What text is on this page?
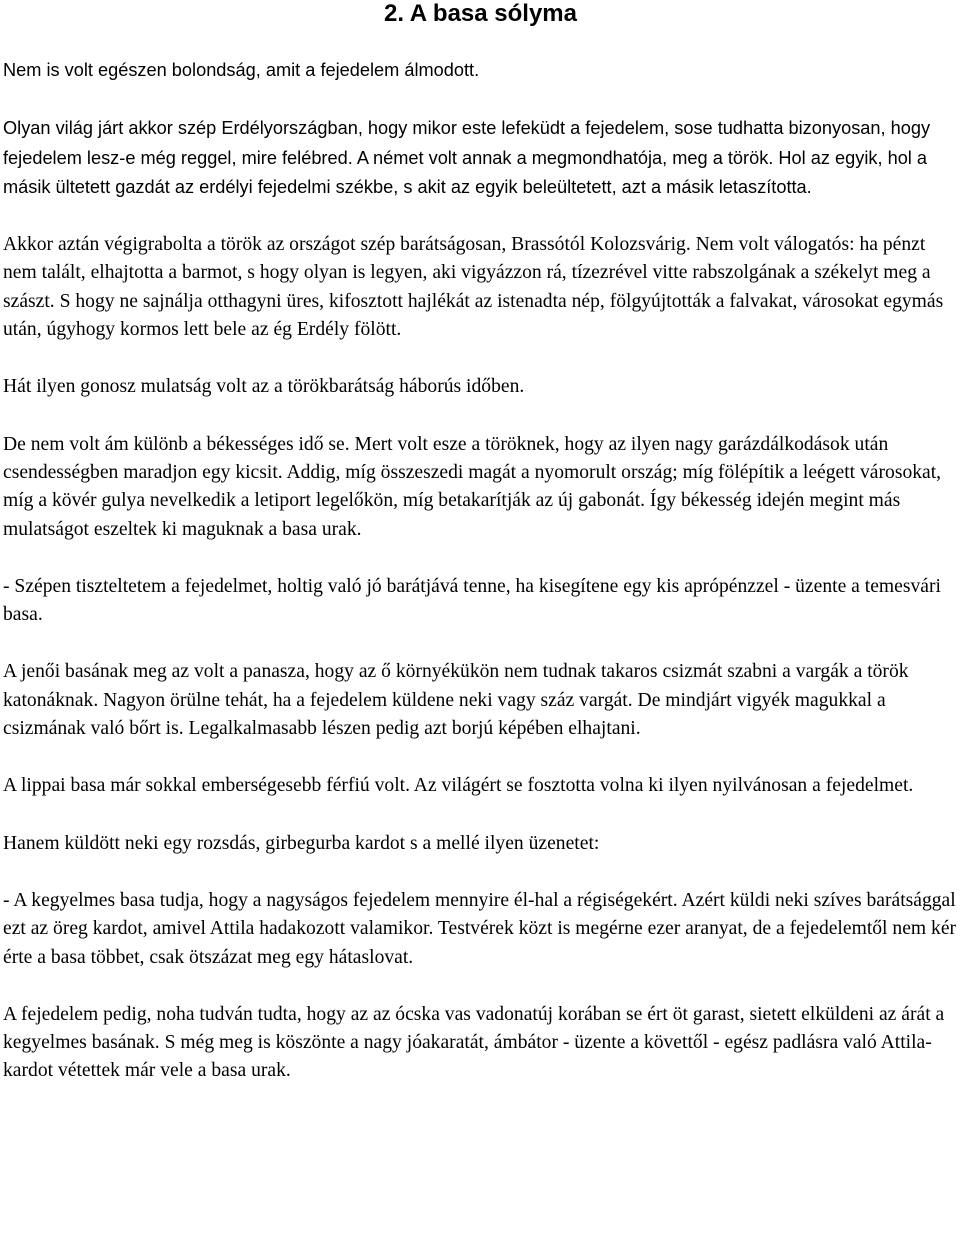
2. A basa sólyma

Nem is volt egészen bolondság, amit a fejedelem álmodott.

Olyan világ járt akkor szép Erdélyországban, hogy mikor este lefeküdt a fejedelem, sose tudhatta bizonyosan, hogy fejedelem lesz-e még reggel, mire felébred. A német volt annak a megmondhatója, meg a török. Hol az egyik, hol a másik ültetett gazdát az erdélyi fejedelmi székbe, s akit az egyik beleültetett, azt a másik letaszította.

Akkor aztán végigrabolta a török az országot szép barátságosan, Brassótól Kolozsvárig. Nem volt válogatós: ha pénzt nem talált, elhajtotta a barmot, s hogy olyan is legyen, aki vigyázzon rá, tízezrével vitte rabszolgának a székelyt meg a szászt. S hogy ne sajnálja otthagyni üres, kifosztott hajlékát az istenadta nép, fölgyújtották a falvakat, városokat egymás után, úgyhogy kormos lett bele az ég Erdély fölött.

Hát ilyen gonosz mulatság volt az a törökbarátság háborús időben.

De nem volt ám különb a békességes idő se. Mert volt esze a töröknek, hogy az ilyen nagy garázdálkodások után csendességben maradjon egy kicsit. Addig, míg összeszedi magát a nyomorult ország; míg fölépítik a leégett városokat, míg a kövér gulya nevelkedik a letiport legelőkön, míg betakarítják az új gabonát. Így békesség idején megint más mulatságot eszeltek ki maguknak a basa urak.

- Szépen tiszteltetem a fejedelmet, holtig való jó barátjává tenne, ha kisegítene egy kis aprópénzzel - üzente a temesvári basa.

A jenői basának meg az volt a panasza, hogy az ő környékükön nem tudnak takaros csizmát szabni a vargák a török katonáknak. Nagyon örülne tehát, ha a fejedelem küldene neki vagy száz vargát. De mindjárt vigyék magukkal a csizmának való bőrt is. Legalkalmasabb lészen pedig azt borjú képében elhajtani.

A lippai basa már sokkal emberségesebb férfiú volt. Az világért se fosztotta volna ki ilyen nyilvánosan a fejedelmet.

Hanem küldött neki egy rozsdás, girbegurba kardot s a mellé ilyen üzenetet:

- A kegyelmes basa tudja, hogy a nagyságos fejedelem mennyire él-hal a régiségekért. Azért küldi neki szíves barátsággal ezt az öreg kardot, amivel Attila hadakozott valamikor. Testvérek közt is megérne ezer aranyat, de a fejedelemtől nem kér érte a basa többet, csak ötszázat meg egy hátaslovat.

A fejedelem pedig, noha tudván tudta, hogy az az ócska vas vadonatúj korában se ért öt garast, sietett elküldeni az árát a kegyelmes basának. S még meg is köszönte a nagy jóakaratát, ámbátor - üzente a követtől - egész padlásra való Attila-kardot vétettek már vele a basa urak.
